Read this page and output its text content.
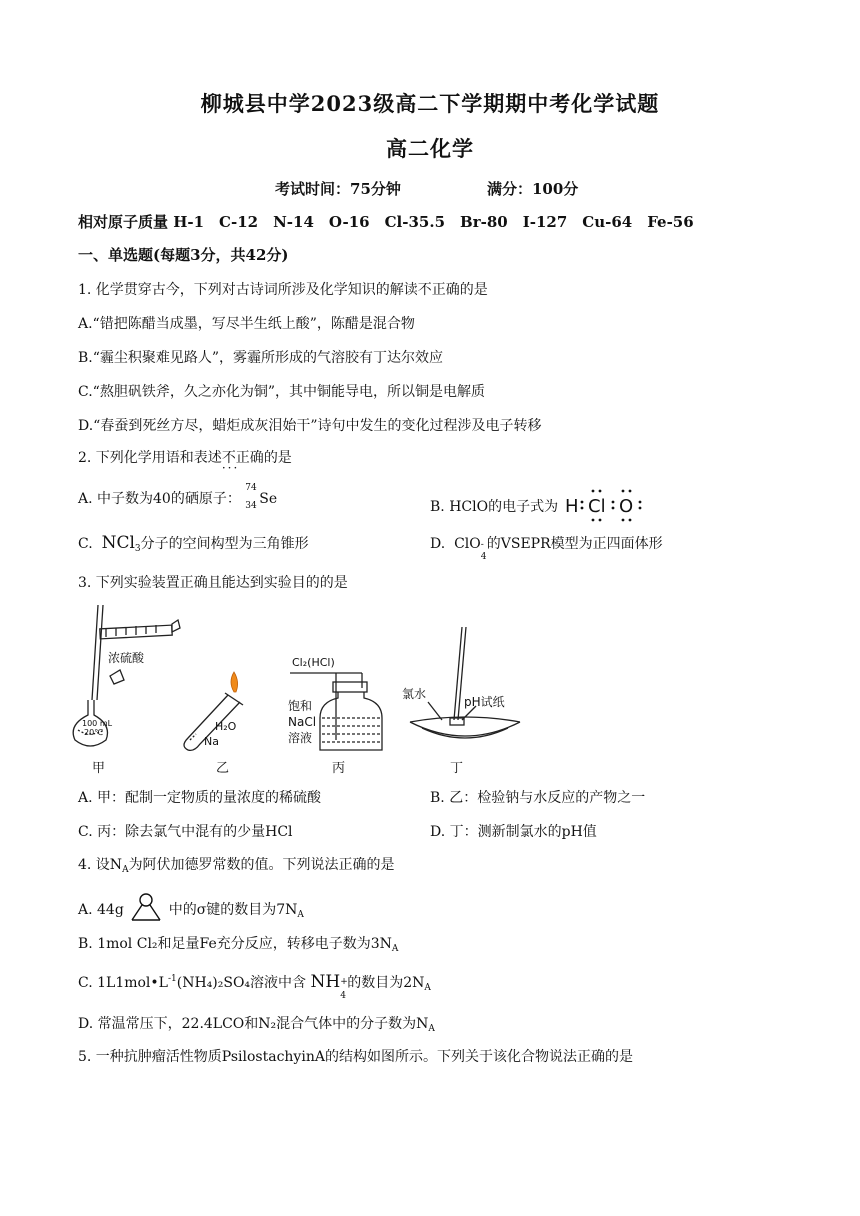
柳城县中学2023级高二下学期期中考化学试题
高二化学
考试时间：75分钟	满分：100分
相对原子质量 H-1　C-12　N-14　O-16　Cl-35.5　Br-80　I-127　Cu-64　Fe-56
一、单选题(每题3分，共42分)
1. 化学贯穿古今，下列对古诗词所涉及化学知识的解读不正确的是
A.“错把陈醋当成墨，写尽半生纸上酸”，陈醋是混合物
B.“霾尘积聚难见路人”，雾霾所形成的气溶胶有丁达尔效应
C.“熬胆矾铁斧，久之亦化为铜”，其中铜能导电，所以铜是电解质
D.“春蚕到死丝方尽，蜡炬成灰泪始干”诗句中发生的变化过程涉及电子转移
2. 下列化学用语和表述不正确 ···的是
A. 中子数为40的硒原子：
74
34 Se	B. HClO的电子式为 H Cl O
C.  NCl$_3$分子的空间构型为三角锥形	D.  ClO -
4
的VSEPR模型为正四面体形
3. 下列实验装置正确且能达到实验目的的是
浓硫酸
100 mL
20℃
甲
H₂O
Na
乙
Cl₂(HCl)
饱和
NaCl
溶液
丙
氯水
pH试纸
丁
A. 甲：配制一定物质的量浓度的稀硫酸	B. 乙：检验钠与水反应的产物之一
C. 丙：除去氯气中混有的少量HCl	D. 丁：测新制氯水的pH值
4. 设$N_A$为阿伏加德罗常数的值。下列说法正确的是
A. 44g	中的σ键的数目为$7N_A$
B. 1mol Cl₂和足量Fe充分反应，转移电子数为$3N_A$
C. $1L1mol•L^{-1}(NH_4)_2SO_4$溶液中含 NH +
4
的数目为$2N_A$
D. 常温常压下，22.4LCO和N₂混合气体中的分子数为$N_A$
5. 一种抗肿瘤活性物质PsilostachyinA的结构如图所示。下列关于该化合物说法正确的是
